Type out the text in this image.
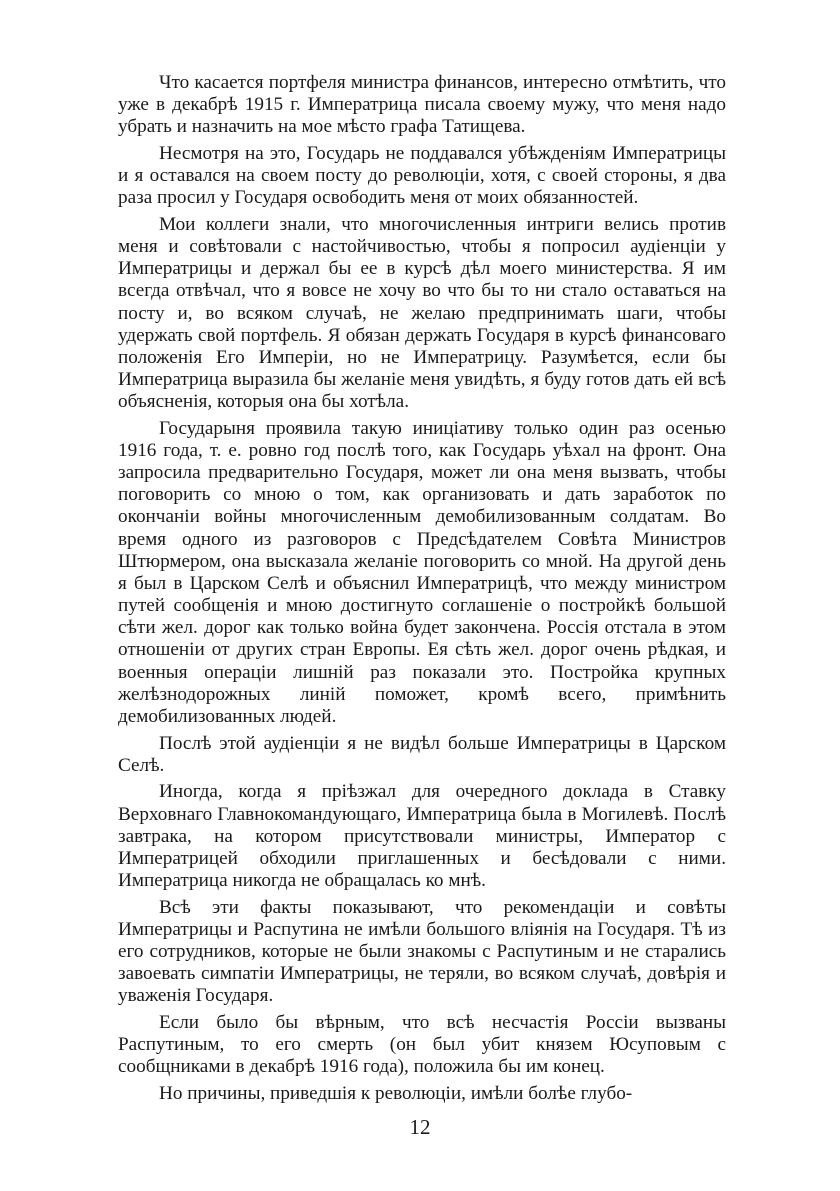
Что касается портфеля министра финансов, интересно отмѣтить, что уже в декабрѣ 1915 г. Императрица писала своему мужу, что меня надо убрать и назначить на мое мѣсто графа Татищева.

Несмотря на это, Государь не поддавался убѣжденіям Императрицы и я оставался на своем посту до революціи, хотя, с своей стороны, я два раза просил у Государя освободить меня от моих обязанностей.

Мои коллеги знали, что многочисленныя интриги велись против меня и совѣтовали с настойчивостью, чтобы я попросил аудіенціи у Императрицы и держал бы ее в курсѣ дѣл моего министерства. Я им всегда отвѣчал, что я вовсе не хочу во что бы то ни стало оставаться на посту и, во всяком случаѣ, не желаю предпринимать шаги, чтобы удержать свой портфель. Я обязан держать Государя в курсѣ финансоваго положенія Его Имперіи, но не Императрицу. Разумѣется, если бы Императрица выразила бы желаніе меня увидѣть, я буду готов дать ей всѣ объясненія, которыя она бы хотѣла.

Государыня проявила такую иниціативу только один раз осенью 1916 года, т. е. ровно год послѣ того, как Государь уѣхал на фронт. Она запросила предварительно Государя, может ли она меня вызвать, чтобы поговорить со мною о том, как организовать и дать заработок по окончаніи войны многочисленным демобилизованным солдатам. Во время одного из разговоров с Предсѣдателем Совѣта Министров Штюрмером, она высказала желаніе поговорить со мной. На другой день я был в Царском Селѣ и объяснил Императрицѣ, что между министром путей сообщенія и мною достигнуто соглашеніе о постройкѣ большой сѣти жел. дорог как только война будет закончена. Россія отстала в этом отношеніи от других стран Европы. Ея сѣть жел. дорог очень рѣдкая, и военныя операціи лишній раз показали это. Постройка крупных желѣзнодорожных линій поможет, кромѣ всего, примѣнить демобилизованных людей.

Послѣ этой аудіенціи я не видѣл больше Императрицы в Царском Селѣ.

Иногда, когда я пріѣзжал для очередного доклада в Ставку Верховнаго Главнокомандующаго, Императрица была в Могилевѣ. Послѣ завтрака, на котором присутствовали министры, Император с Императрицей обходили приглашенных и бесѣдовали с ними. Императрица никогда не обращалась ко мнѣ.

Всѣ эти факты показывают, что рекомендаціи и совѣты Императрицы и Распутина не имѣли большого вліянія на Государя. Тѣ из его сотрудников, которые не были знакомы с Распутиным и не старались завоевать симпатіи Императрицы, не теряли, во всяком случаѣ, довѣрія и уваженія Государя.

Если было бы вѣрным, что всѣ несчастія Россіи вызваны Распутиным, то его смерть (он был убит князем Юсуповым с сообщниками в декабрѣ 1916 года), положила бы им конец.

Но причины, приведшія к революціи, имѣли болѣе глубо-

12
